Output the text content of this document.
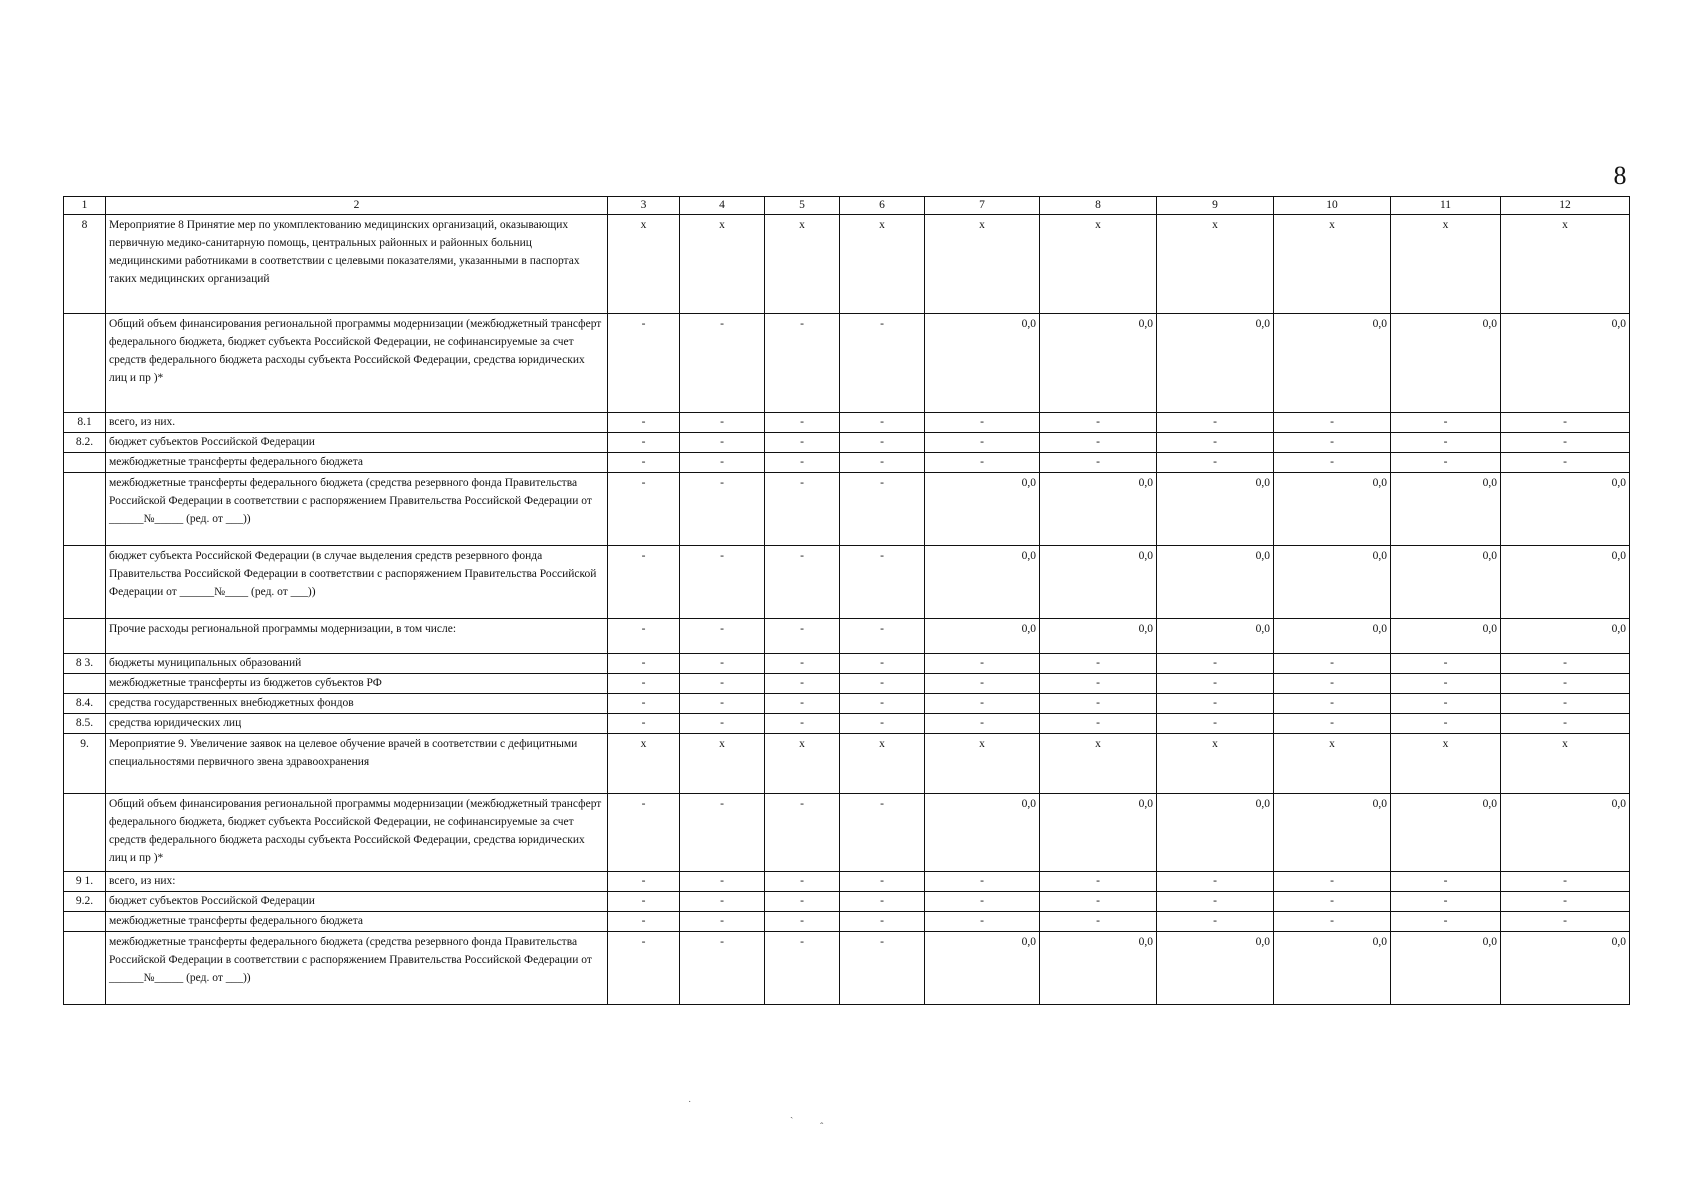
8
1	2	3	4	5	6	7	8	9	10	11	12
8	Мероприятие 8 Принятие мер по укомплектованию медицинских организаций, оказывающих первичную медико-санитарную помощь, центральных районных и районных больниц медицинскими работниками в соответствии с целевыми показателями, указанными в паспортах таких медицинских организаций	x	x	x	x	x	x	x	x	x	x
	Общий объем финансирования региональной программы модернизации (межбюджетный трансферт федерального бюджета, бюджет субъекта Российской Федерации, не софинансируемые за счет средств федерального бюджета расходы субъекта Российской Федерации, средства юридических лиц и пр )*	-	-	-	-	0,0	0,0	0,0	0,0	0,0	0,0
8.1	всего, из них.	-	-	-	-	-	-	-	-	-	-
8.2.	бюджет субъектов Российской Федерации	-	-	-	-	-	-	-	-	-	-
	межбюджетные трансферты федерального бюджета	-	-	-	-	-	-	-	-	-	-
	межбюджетные трансферты федерального бюджета (средства резервного фонда Правительства Российской Федерации в соответствии с распоряжением Правительства Российской Федерации от ______№_____ (ред. от ___))	-	-	-	-	0,0	0,0	0,0	0,0	0,0	0,0
	бюджет субъекта Российской Федерации (в случае выделения средств резервного фонда Правительства Российской Федерации в соответствии с распоряжением Правительства Российской Федерации от ______№____ (ред. от ___))	-	-	-	-	0,0	0,0	0,0	0,0	0,0	0,0
	Прочие расходы региональной программы модернизации, в том числе:	-	-	-	-	0,0	0,0	0,0	0,0	0,0	0,0
8 3.	бюджеты муниципальных образований	-	-	-	-	-	-	-	-	-	-
	межбюджетные трансферты из бюджетов субъектов РФ	-	-	-	-	-	-	-	-	-	-
8.4.	средства государственных внебюджетных фондов	-	-	-	-	-	-	-	-	-	-
8.5.	средства юридических лиц	-	-	-	-	-	-	-	-	-	-
9.	Мероприятие 9. Увеличение заявок на целевое обучение врачей в соответствии с дефицитными специальностями первичного звена здравоохранения	x	x	x	x	x	x	x	x	x	x
	Общий объем финансирования региональной программы модернизации (межбюджетный трансферт федерального бюджета, бюджет субъекта Российской Федерации, не софинансируемые за счет средств федерального бюджета расходы субъекта Российской Федерации, средства юридических лиц и пр )*	-	-	-	-	0,0	0,0	0,0	0,0	0,0	0,0
9 1.	всего, из них:	-	-	-	-	-	-	-	-	-	-
9.2.	бюджет субъектов Российской Федерации	-	-	-	-	-	-	-	-	-	-
	межбюджетные трансферты федерального бюджета	-	-	-	-	-	-	-	-	-	-
	межбюджетные трансферты федерального бюджета (средства резервного фонда Правительства Российской Федерации в соответствии с распоряжением Правительства Российской Федерации от ______№_____ (ред. от ___))	-	-	-	-	0,0	0,0	0,0	0,0	0,0	0,0
˙
ˏ
ˆ
